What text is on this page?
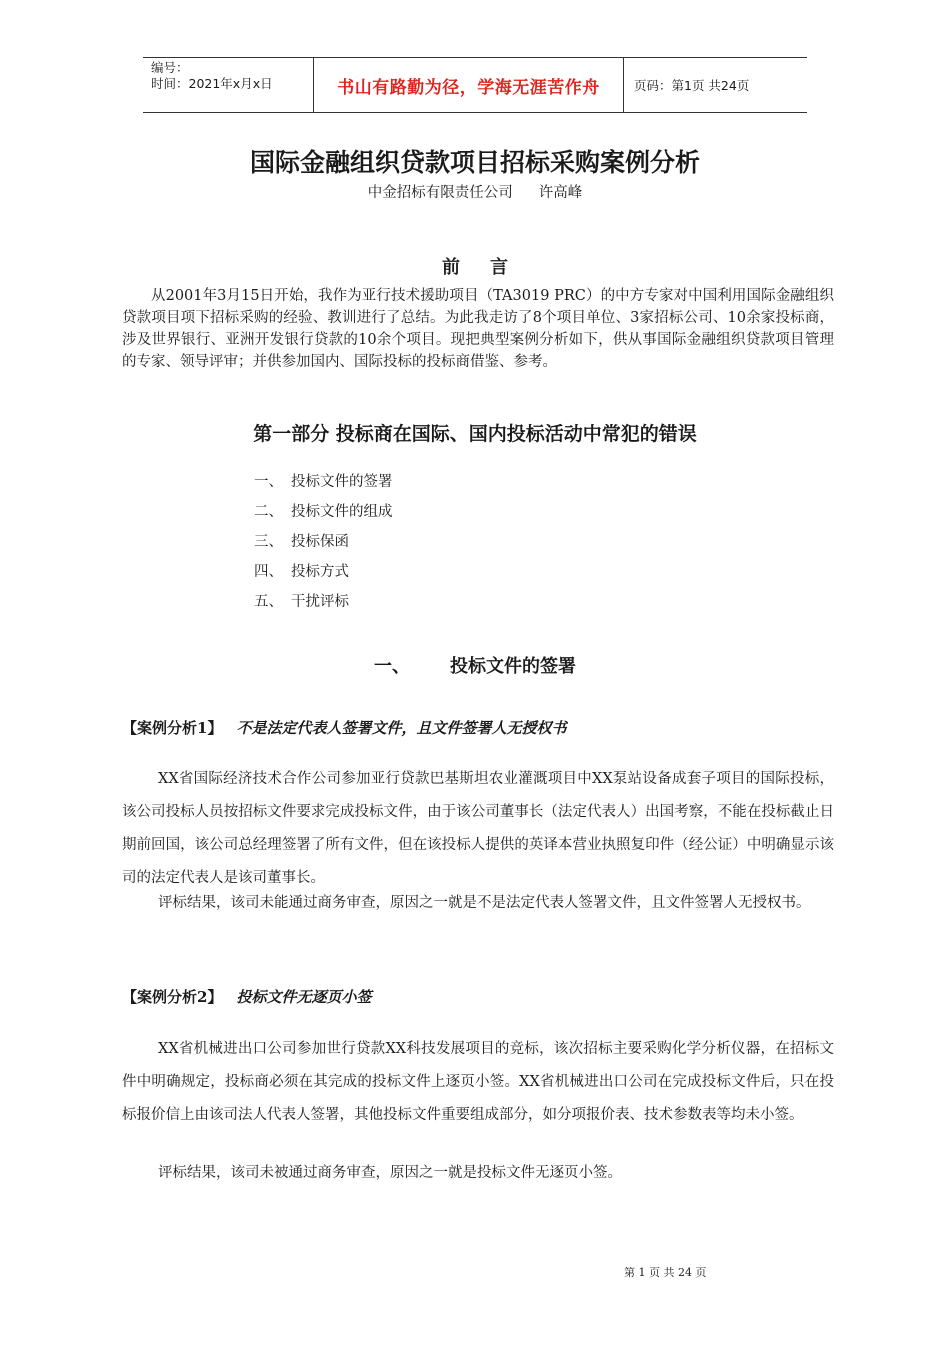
编号：
时间：2021年x月x日	书山有路勤为径，学海无涯苦作舟	页码：第1页 共24页
国际金融组织贷款项目招标采购案例分析
中金招标有限责任公司 许高峰
前言

从2001年3月15日开始，我作为亚行技术援助项目（TA3019 PRC）的中方专家对中国利用国际金融组织贷款项目项下招标采购的经验、教训进行了总结。为此我走访了8个项目单位、3家招标公司、10余家投标商，涉及世界银行、亚洲开发银行贷款的10余个项目。现把典型案例分析如下，供从事国际金融组织贷款项目管理的专家、领导评审；并供参加国内、国际投标的投标商借鉴、参考。

第一部分 投标商在国际、国内投标活动中常犯的错误
一、 投标文件的签署
二、 投标文件的组成
三、 投标保函
四、 投标方式
五、 干扰评标
一、 投标文件的签署
【案例分析1】 不是法定代表人签署文件，且文件签署人无授权书

XX省国际经济技术合作公司参加亚行贷款巴基斯坦农业灌溉项目中XX泵站设备成套子项目的国际投标，该公司投标人员按招标文件要求完成投标文件，由于该公司董事长（法定代表人）出国考察，不能在投标截止日期前回国，该公司总经理签署了所有文件，但在该投标人提供的英译本营业执照复印件（经公证）中明确显示该司的法定代表人是该司董事长。

评标结果，该司未能通过商务审查，原因之一就是不是法定代表人签署文件，且文件签署人无授权书。

【案例分析2】 投标文件无逐页小签

XX省机械进出口公司参加世行贷款XX科技发展项目的竞标，该次招标主要采购化学分析仪器，在招标文件中明确规定，投标商必须在其完成的投标文件上逐页小签。XX省机械进出口公司在完成投标文件后，只在投标报价信上由该司法人代表人签署，其他投标文件重要组成部分，如分项报价表、技术参数表等均未小签。

评标结果，该司未被通过商务审查，原因之一就是投标文件无逐页小签。

第 1 页 共 24 页
